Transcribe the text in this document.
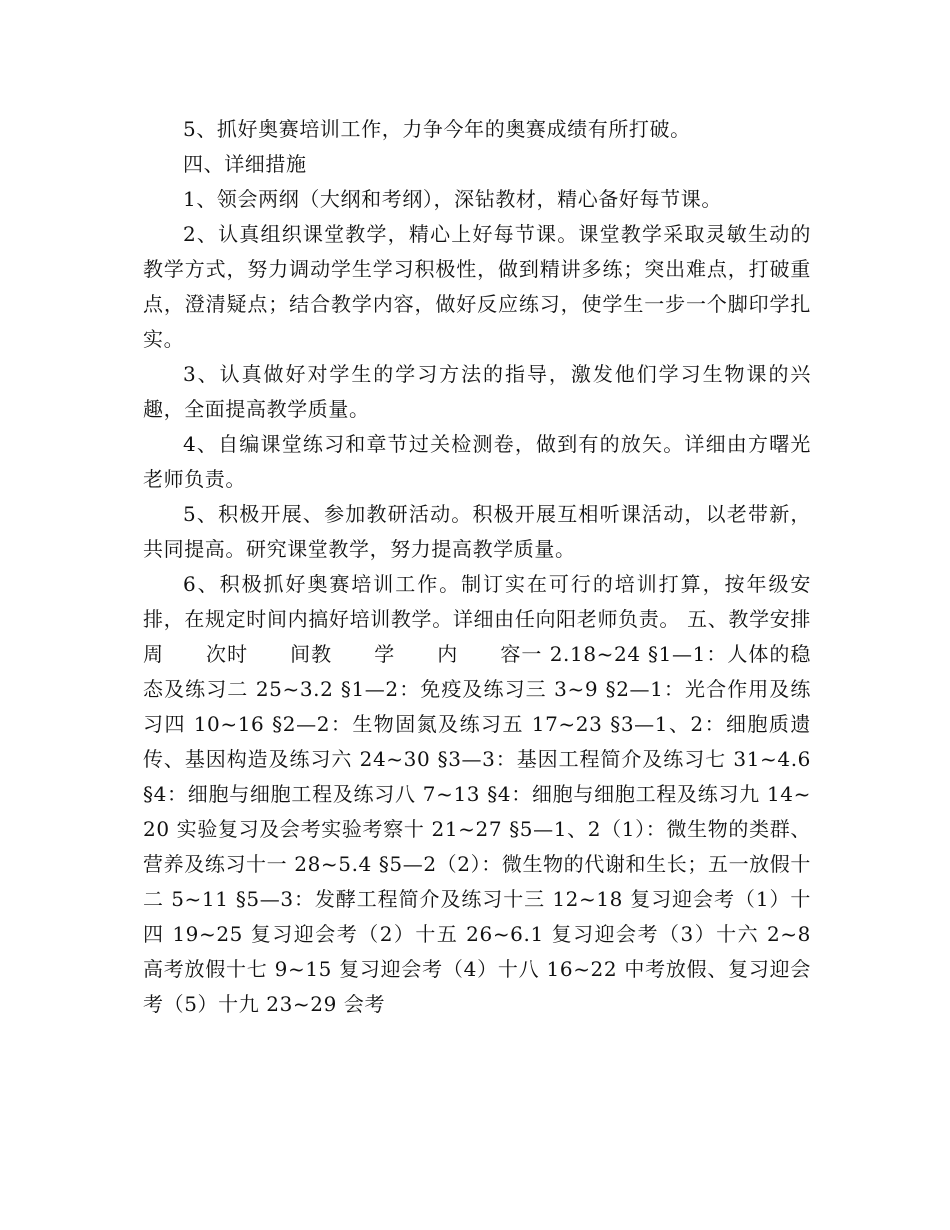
5、抓好奥赛培训工作，力争今年的奥赛成绩有所打破。

四、详细措施

1、领会两纲（大纲和考纲），深钻教材，精心备好每节课。

2、认真组织课堂教学，精心上好每节课。课堂教学采取灵敏生动的教学方式，努力调动学生学习积极性，做到精讲多练；突出难点，打破重点，澄清疑点；结合教学内容，做好反应练习，使学生一步一个脚印学扎实。

3、认真做好对学生的学习方法的指导，激发他们学习生物课的兴趣，全面提高教学质量。

4、自编课堂练习和章节过关检测卷，做到有的放矢。详细由方曙光老师负责。

5、积极开展、参加教研活动。积极开展互相听课活动，以老带新，共同提高。研究课堂教学，努力提高教学质量。

6、积极抓好奥赛培训工作。制订实在可行的培训打算，按年级安排，在规定时间内搞好培训教学。详细由任向阳老师负责。 五、教学安排周　　次时　　间教　　学　　内　　容一 2.18~24 §1—1：人体的稳态及练习二 25~3.2 §1—2：免疫及练习三 3~9 §2—1：光合作用及练习四 10~16 §2—2：生物固氮及练习五 17~23 §3—1、2：细胞质遗传、基因构造及练习六 24~30 §3—3：基因工程简介及练习七 31~4.6 §4：细胞与细胞工程及练习八 7~13 §4：细胞与细胞工程及练习九 14~20 实验复习及会考实验考察十 21~27 §5—1、2（1）：微生物的类群、营养及练习十一 28~5.4 §5—2（2）：微生物的代谢和生长；五一放假十二 5~11 §5—3：发酵工程简介及练习十三 12~18 复习迎会考（1）十四 19~25 复习迎会考（2）十五 26~6.1 复习迎会考（3）十六 2~8 高考放假十七 9~15 复习迎会考（4）十八 16~22 中考放假、复习迎会考（5）十九 23~29 会考
